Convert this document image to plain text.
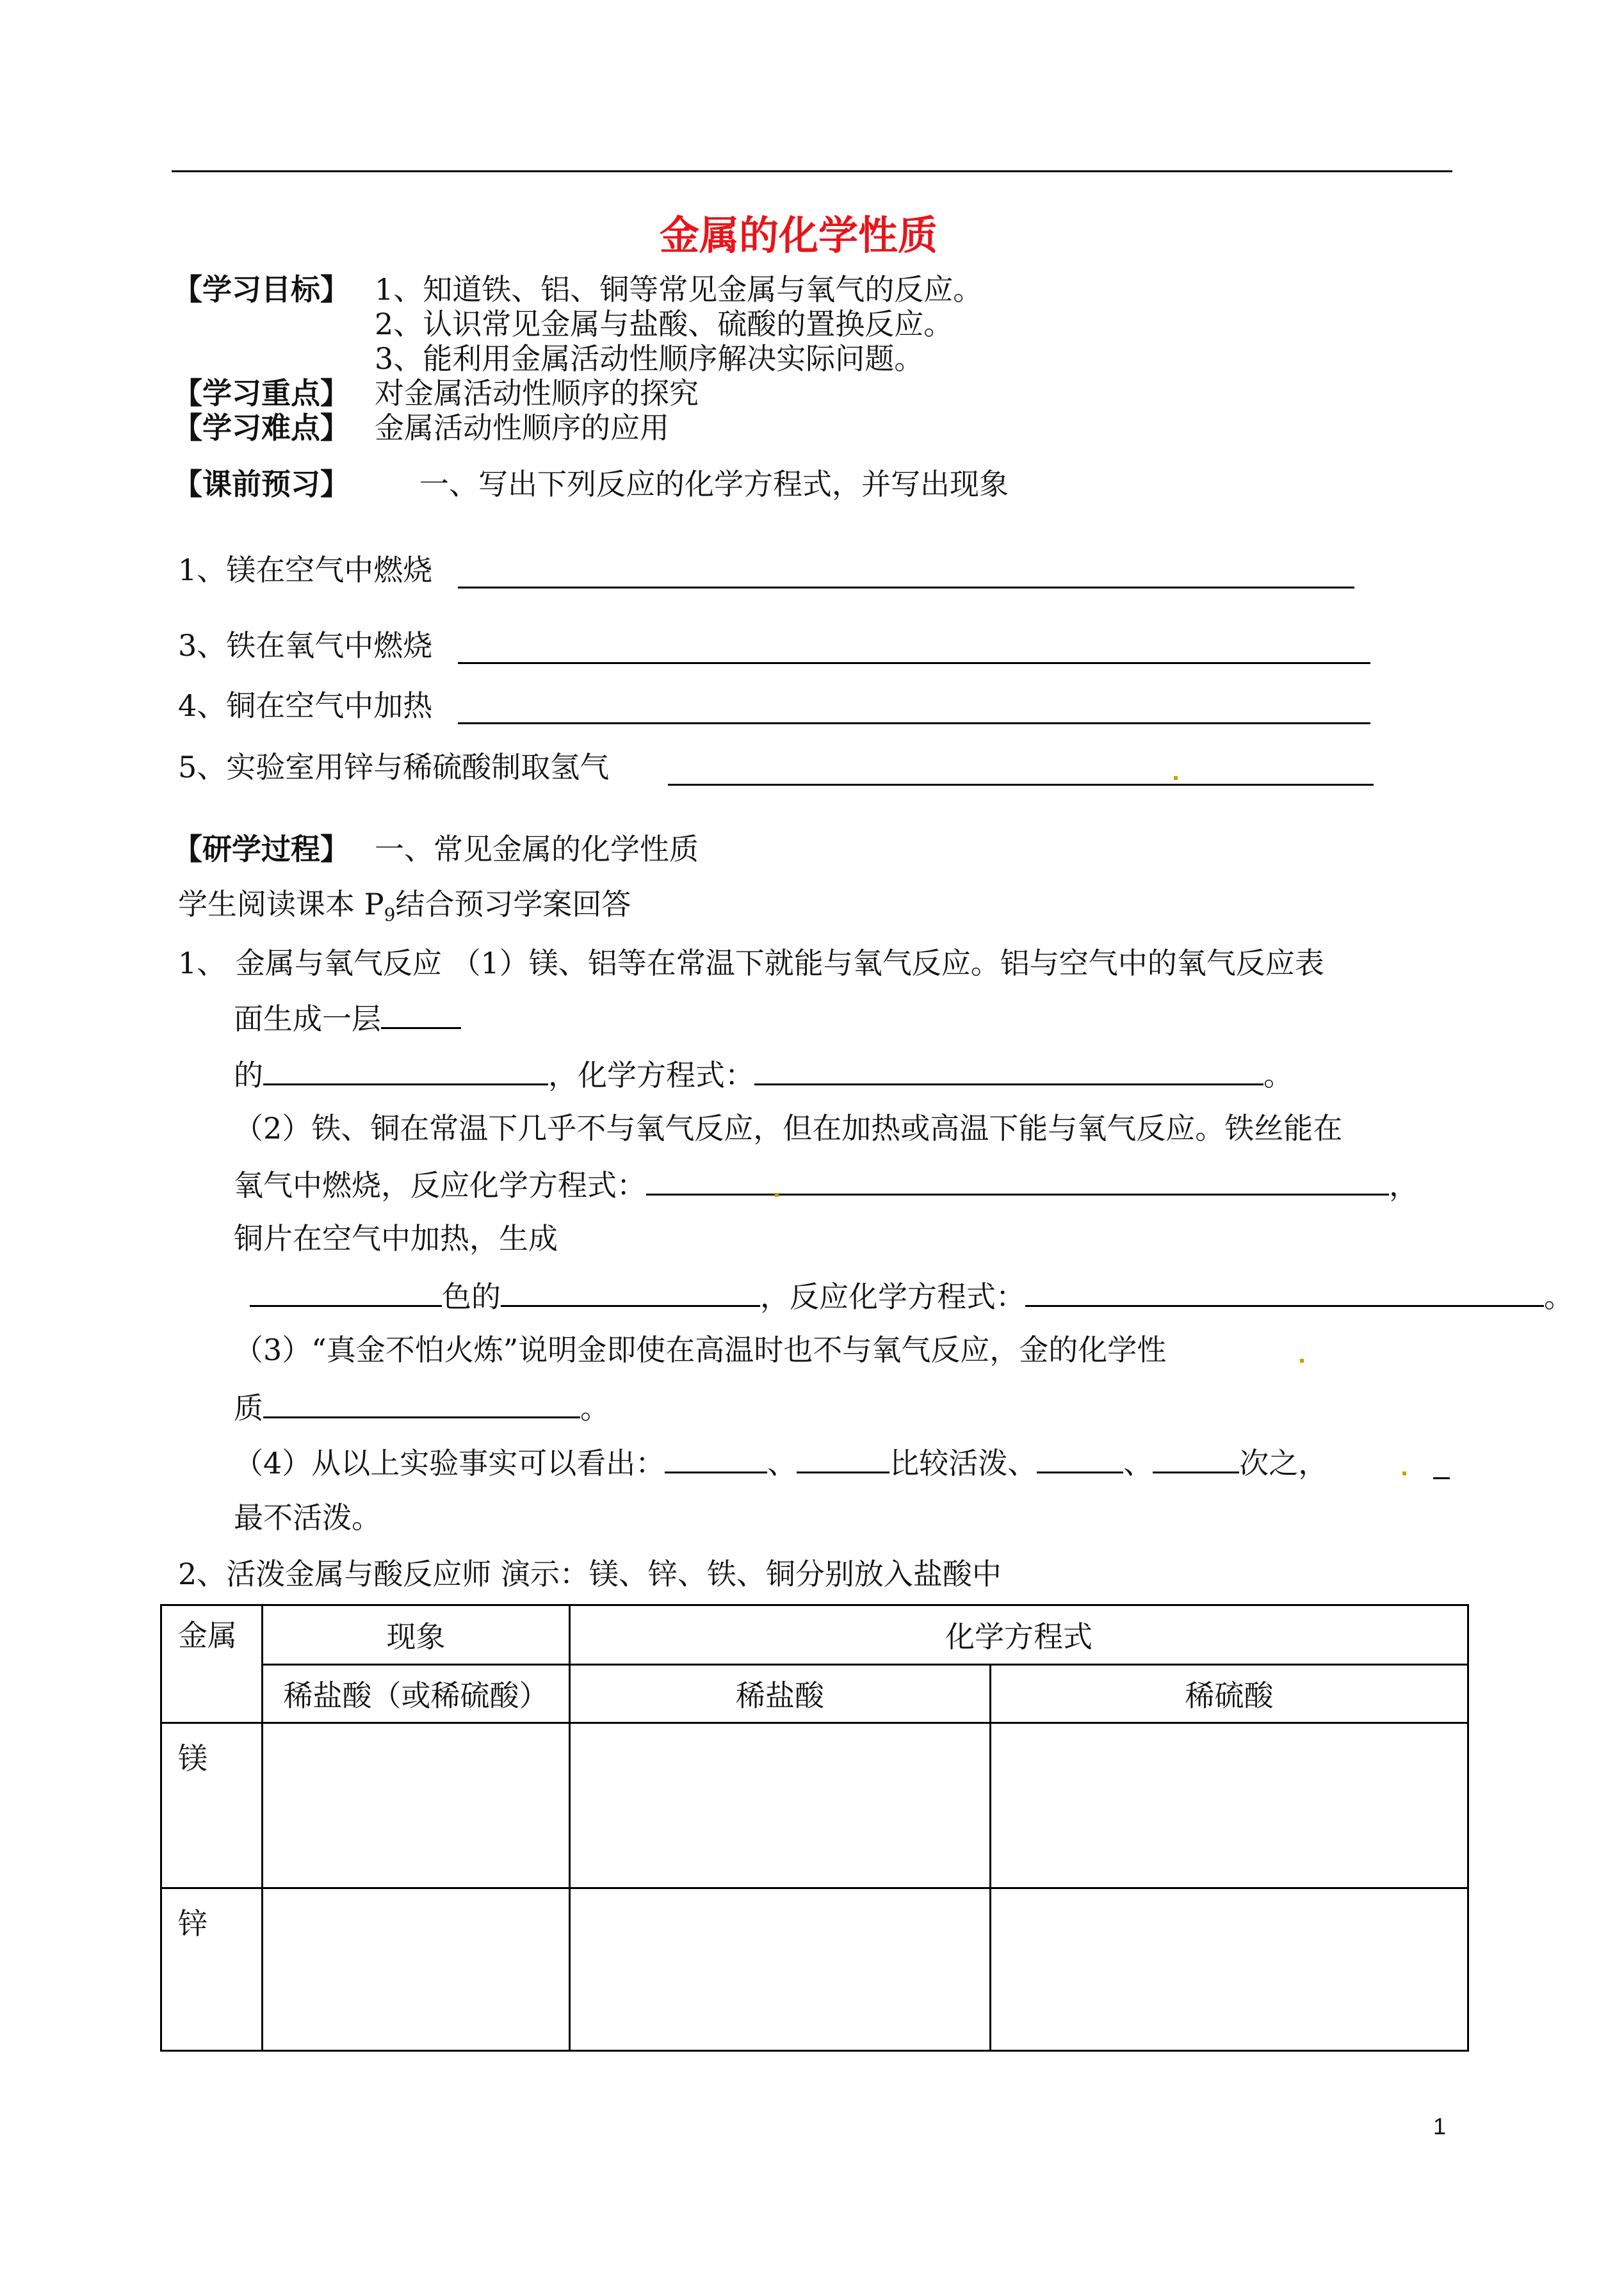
金属的化学性质
【学习目标】 1、知道铁、铝、铜等常见金属与氧气的反应。
2、认识常见金属与盐酸、硫酸的置换反应。
3、能利用金属活动性顺序解决实际问题。
【学习重点】 对金属活动性顺序的探究
【学习难点】 金属活动性顺序的应用
【课前预习】 一、写出下列反应的化学方程式，并写出现象
1、镁在空气中燃烧
3、铁在氧气中燃烧
4、铜在空气中加热
5、实验室用锌与稀硫酸制取氢气
【研学过程】 一、常见金属的化学性质
学生阅读课本 $P_9$结合预习学案回答
1、 金属与氧气反应 （1）镁、铝等在常温下就能与氧气反应。铝与空气中的氧气反应表
面生成一层
的	，化学方程式：	。
（2）铁、铜在常温下几乎不与氧气反应，但在加热或高温下能与氧气反应。铁丝能在
氧气中燃烧，反应化学方程式：	，
铜片在空气中加热，生成
色的	，反应化学方程式：	。
（3）“真金不怕火炼”说明金即使在高温时也不与氧气反应，金的化学性
质	。
（4）从以上实验事实可以看出：	、	比较活泼、	、	次之，
最不活泼。
2、活泼金属与酸反应师 演示：镁、锌、铁、铜分别放入盐酸中
金属	现象	化学方程式	
	稀盐酸（或稀硫酸）	稀盐酸	稀硫酸
镁			
锌			
1
